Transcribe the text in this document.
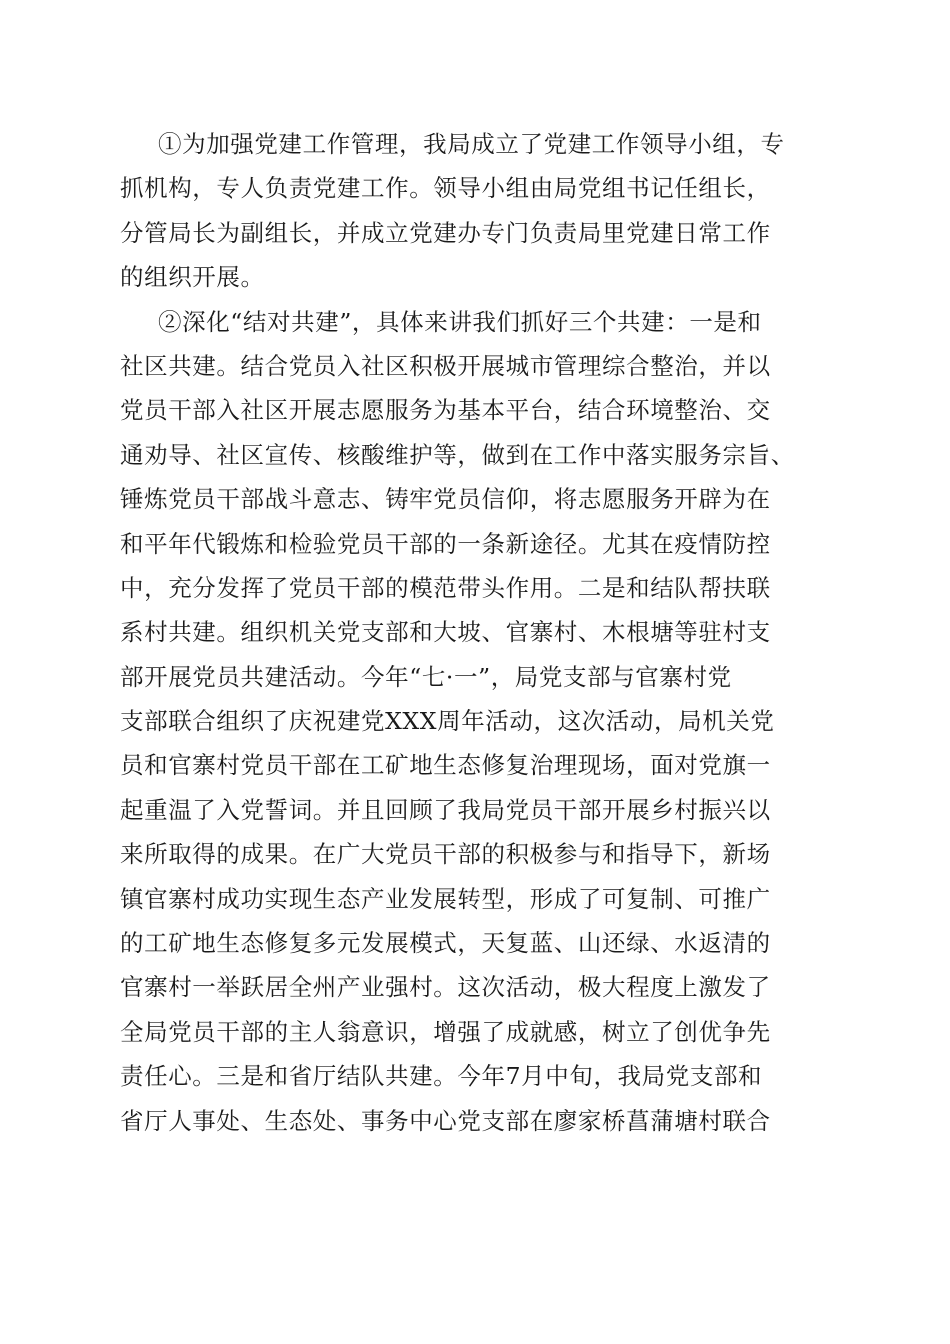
①为加强党建工作管理，我局成立了党建工作领导小组，专
抓机构，专人负责党建工作。领导小组由局党组书记任组长，
分管局长为副组长，并成立党建办专门负责局里党建日常工作
的组织开展。
②深化“结对共建”，具体来讲我们抓好三个共建：一是和
社区共建。结合党员入社区积极开展城市管理综合整治，并以
党员干部入社区开展志愿服务为基本平台，结合环境整治、交
通劝导、社区宣传、核酸维护等，做到在工作中落实服务宗旨、
锤炼党员干部战斗意志、铸牢党员信仰，将志愿服务开辟为在
和平年代锻炼和检验党员干部的一条新途径。尤其在疫情防控
中，充分发挥了党员干部的模范带头作用。二是和结队帮扶联
系村共建。组织机关党支部和大坡、官寨村、木根塘等驻村支
部开展党员共建活动。今年“七·一”，局党支部与官寨村党
支部联合组织了庆祝建党XXX周年活动，这次活动，局机关党
员和官寨村党员干部在工矿地生态修复治理现场，面对党旗一
起重温了入党誓词。并且回顾了我局党员干部开展乡村振兴以
来所取得的成果。在广大党员干部的积极参与和指导下，新场
镇官寨村成功实现生态产业发展转型，形成了可复制、可推广
的工矿地生态修复多元发展模式，天复蓝、山还绿、水返清的
官寨村一举跃居全州产业强村。这次活动，极大程度上激发了
全局党员干部的主人翁意识，增强了成就感，树立了创优争先
责任心。三是和省厅结队共建。今年7月中旬，我局党支部和
省厅人事处、生态处、事务中心党支部在廖家桥菖蒲塘村联合
